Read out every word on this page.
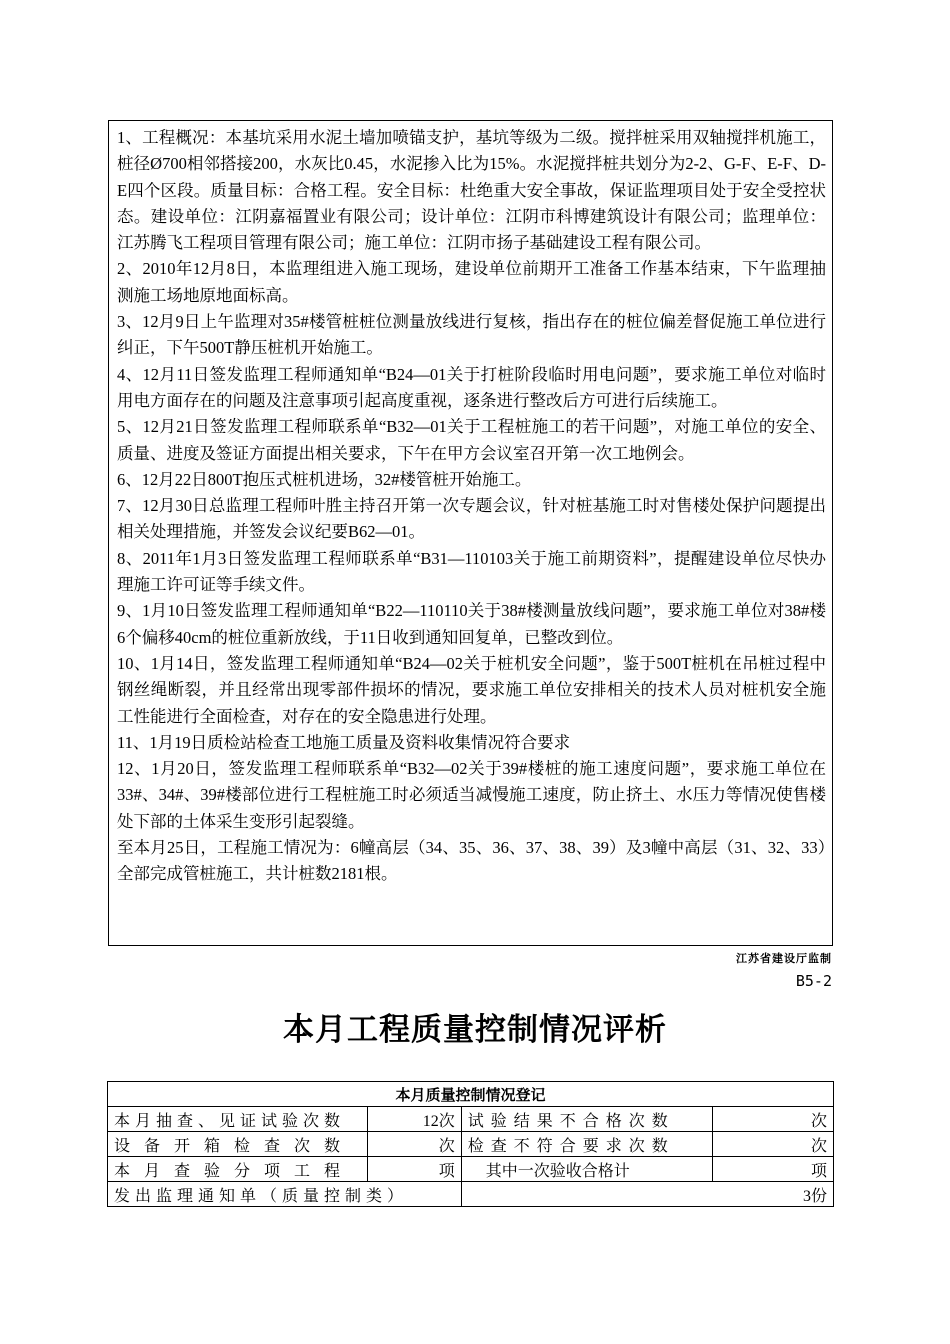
1、工程概况：本基坑采用水泥土墙加喷锚支护，基坑等级为二级。搅拌桩采用双轴搅拌机施工，桩径Ø700相邻搭接200，水灰比0.45，水泥掺入比为15%。水泥搅拌桩共划分为2-2、G-F、E-F、D-E四个区段。质量目标：合格工程。安全目标：杜绝重大安全事故，保证监理项目处于安全受控状态。建设单位：江阴嘉福置业有限公司；设计单位：江阴市科博建筑设计有限公司；监理单位：江苏腾飞工程项目管理有限公司；施工单位：江阴市扬子基础建设工程有限公司。

2、2010年12月8日，本监理组进入施工现场，建设单位前期开工准备工作基本结束，下午监理抽测施工场地原地面标高。

3、12月9日上午监理对35#楼管桩桩位测量放线进行复核，指出存在的桩位偏差督促施工单位进行纠正，下午500T静压桩机开始施工。

4、12月11日签发监理工程师通知单“B24—01关于打桩阶段临时用电问题”，要求施工单位对临时用电方面存在的问题及注意事项引起高度重视，逐条进行整改后方可进行后续施工。

5、12月21日签发监理工程师联系单“B32—01关于工程桩施工的若干问题”，对施工单位的安全、质量、进度及签证方面提出相关要求，下午在甲方会议室召开第一次工地例会。

6、12月22日800T抱压式桩机进场，32#楼管桩开始施工。

7、12月30日总监理工程师叶胜主持召开第一次专题会议，针对桩基施工时对售楼处保护问题提出相关处理措施，并签发会议纪要B62—01。

8、2011年1月3日签发监理工程师联系单“B31—110103关于施工前期资料”，提醒建设单位尽快办理施工许可证等手续文件。

9、1月10日签发监理工程师通知单“B22—110110关于38#楼测量放线问题”，要求施工单位对38#楼6个偏移40cm的桩位重新放线，于11日收到通知回复单，已整改到位。

10、1月14日，签发监理工程师通知单“B24—02关于桩机安全问题”，鉴于500T桩机在吊桩过程中钢丝绳断裂，并且经常出现零部件损坏的情况，要求施工单位安排相关的技术人员对桩机安全施工性能进行全面检查，对存在的安全隐患进行处理。

11、1月19日质检站检查工地施工质量及资料收集情况符合要求

12、1月20日，签发监理工程师联系单“B32—02关于39#楼桩的施工速度问题”，要求施工单位在33#、34#、39#楼部位进行工程桩施工时必须适当减慢施工速度，防止挤土、水压力等情况使售楼处下部的土体采生变形引起裂缝。

至本月25日，工程施工情况为：6幢高层（34、35、36、37、38、39）及3幢中高层（31、32、33）全部完成管桩施工，共计桩数2181根。

江苏省建设厅监制
B5-2
本月工程质量控制情况评析
本月质量控制情况登记			
本月抽查、见证试验次数	12次	试验结果不合格次数	次
设备开箱检查次数	次	检查不符合要求次数	次
本月查验分项工程	项	其中一次验收合格计	项
发出监理通知单（质量控制类）		3份	
